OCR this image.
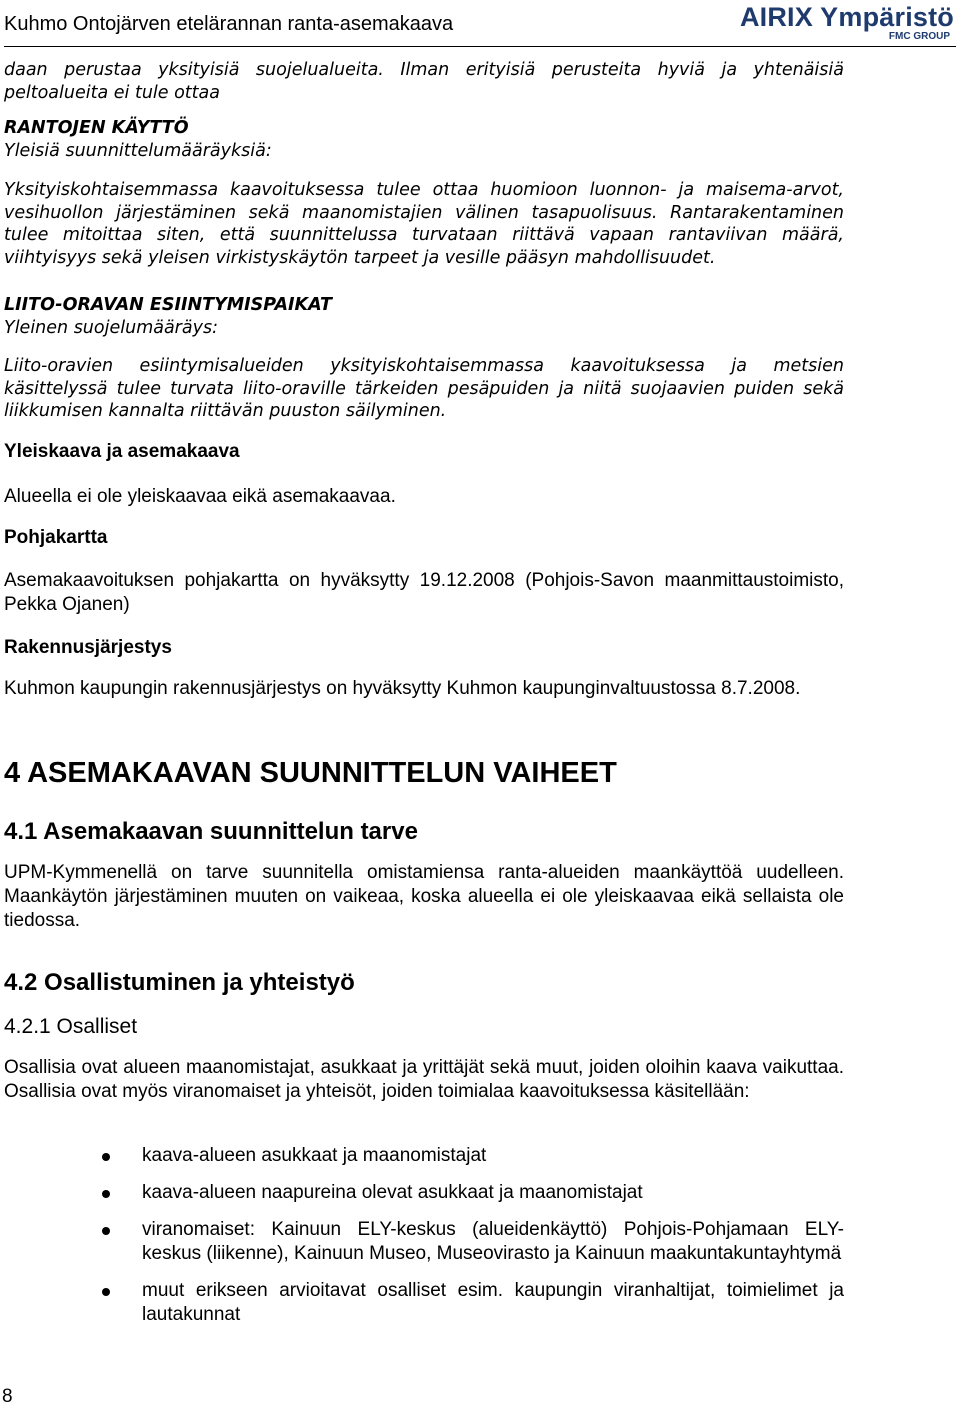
Kuhmo Ontojärven etelärannan ranta-asemakaava	AIRIX Ympäristö
FMC GROUP

daan perustaa yksityisiä suojelualueita. Ilman erityisiä perusteita hyviä ja yhtenäisiä peltoalueita ei tule ottaa

RANTOJEN KÄYTTÖ

Yleisiä suunnittelumääräyksiä:

Yksityiskohtaisemmassa kaavoituksessa tulee ottaa huomioon luonnon- ja maisema-arvot, vesihuollon järjestäminen sekä maanomistajien välinen tasapuolisuus. Rantarakentaminen tulee mitoittaa siten, että suunnittelussa turvataan riittävä vapaan rantaviivan määrä, viihtyisyys sekä yleisen virkistyskäytön tarpeet ja vesille pääsyn mahdollisuudet.

LIITO-ORAVAN ESIINTYMISPAIKAT

Yleinen suojelumääräys:

Liito-oravien esiintymisalueiden yksityiskohtaisemmassa kaavoituksessa ja metsien käsittelyssä tulee turvata liito-oraville tärkeiden pesäpuiden ja niitä suojaavien puiden sekä liikkumisen kannalta riittävän puuston säilyminen.

Yleiskaava ja asemakaava

Alueella ei ole yleiskaavaa eikä asemakaavaa.

Pohjakartta

Asemakaavoituksen pohjakartta on hyväksytty 19.12.2008 (Pohjois-Savon maanmittaustoimisto, Pekka Ojanen)

Rakennusjärjestys

Kuhmon kaupungin rakennusjärjestys on hyväksytty Kuhmon kaupunginvaltuustossa 8.7.2008.

4 ASEMAKAAVAN SUUNNITTELUN VAIHEET

4.1 Asemakaavan suunnittelun tarve

UPM-Kymmenellä on tarve suunnitella omistamiensa ranta-alueiden maankäyttöä uudelleen. Maankäytön järjestäminen muuten on vaikeaa, koska alueella ei ole yleiskaavaa eikä sellaista ole tiedossa.

4.2 Osallistuminen ja yhteistyö

4.2.1 Osalliset

Osallisia ovat alueen maanomistajat, asukkaat ja yrittäjät sekä muut, joiden oloihin kaava vaikuttaa. Osallisia ovat myös viranomaiset ja yhteisöt, joiden toimialaa kaavoituksessa käsitellään:

kaava-alueen asukkaat ja maanomistajat
kaava-alueen naapureina olevat asukkaat ja maanomistajat
viranomaiset: Kainuun ELY-keskus (alueidenkäyttö) Pohjois-Pohjamaan ELY-keskus (liikenne), Kainuun Museo, Museovirasto ja Kainuun maakuntakuntayhtymä
muut erikseen arvioitavat osalliset esim. kaupungin viranhaltijat, toimielimet ja lautakunnat
8
